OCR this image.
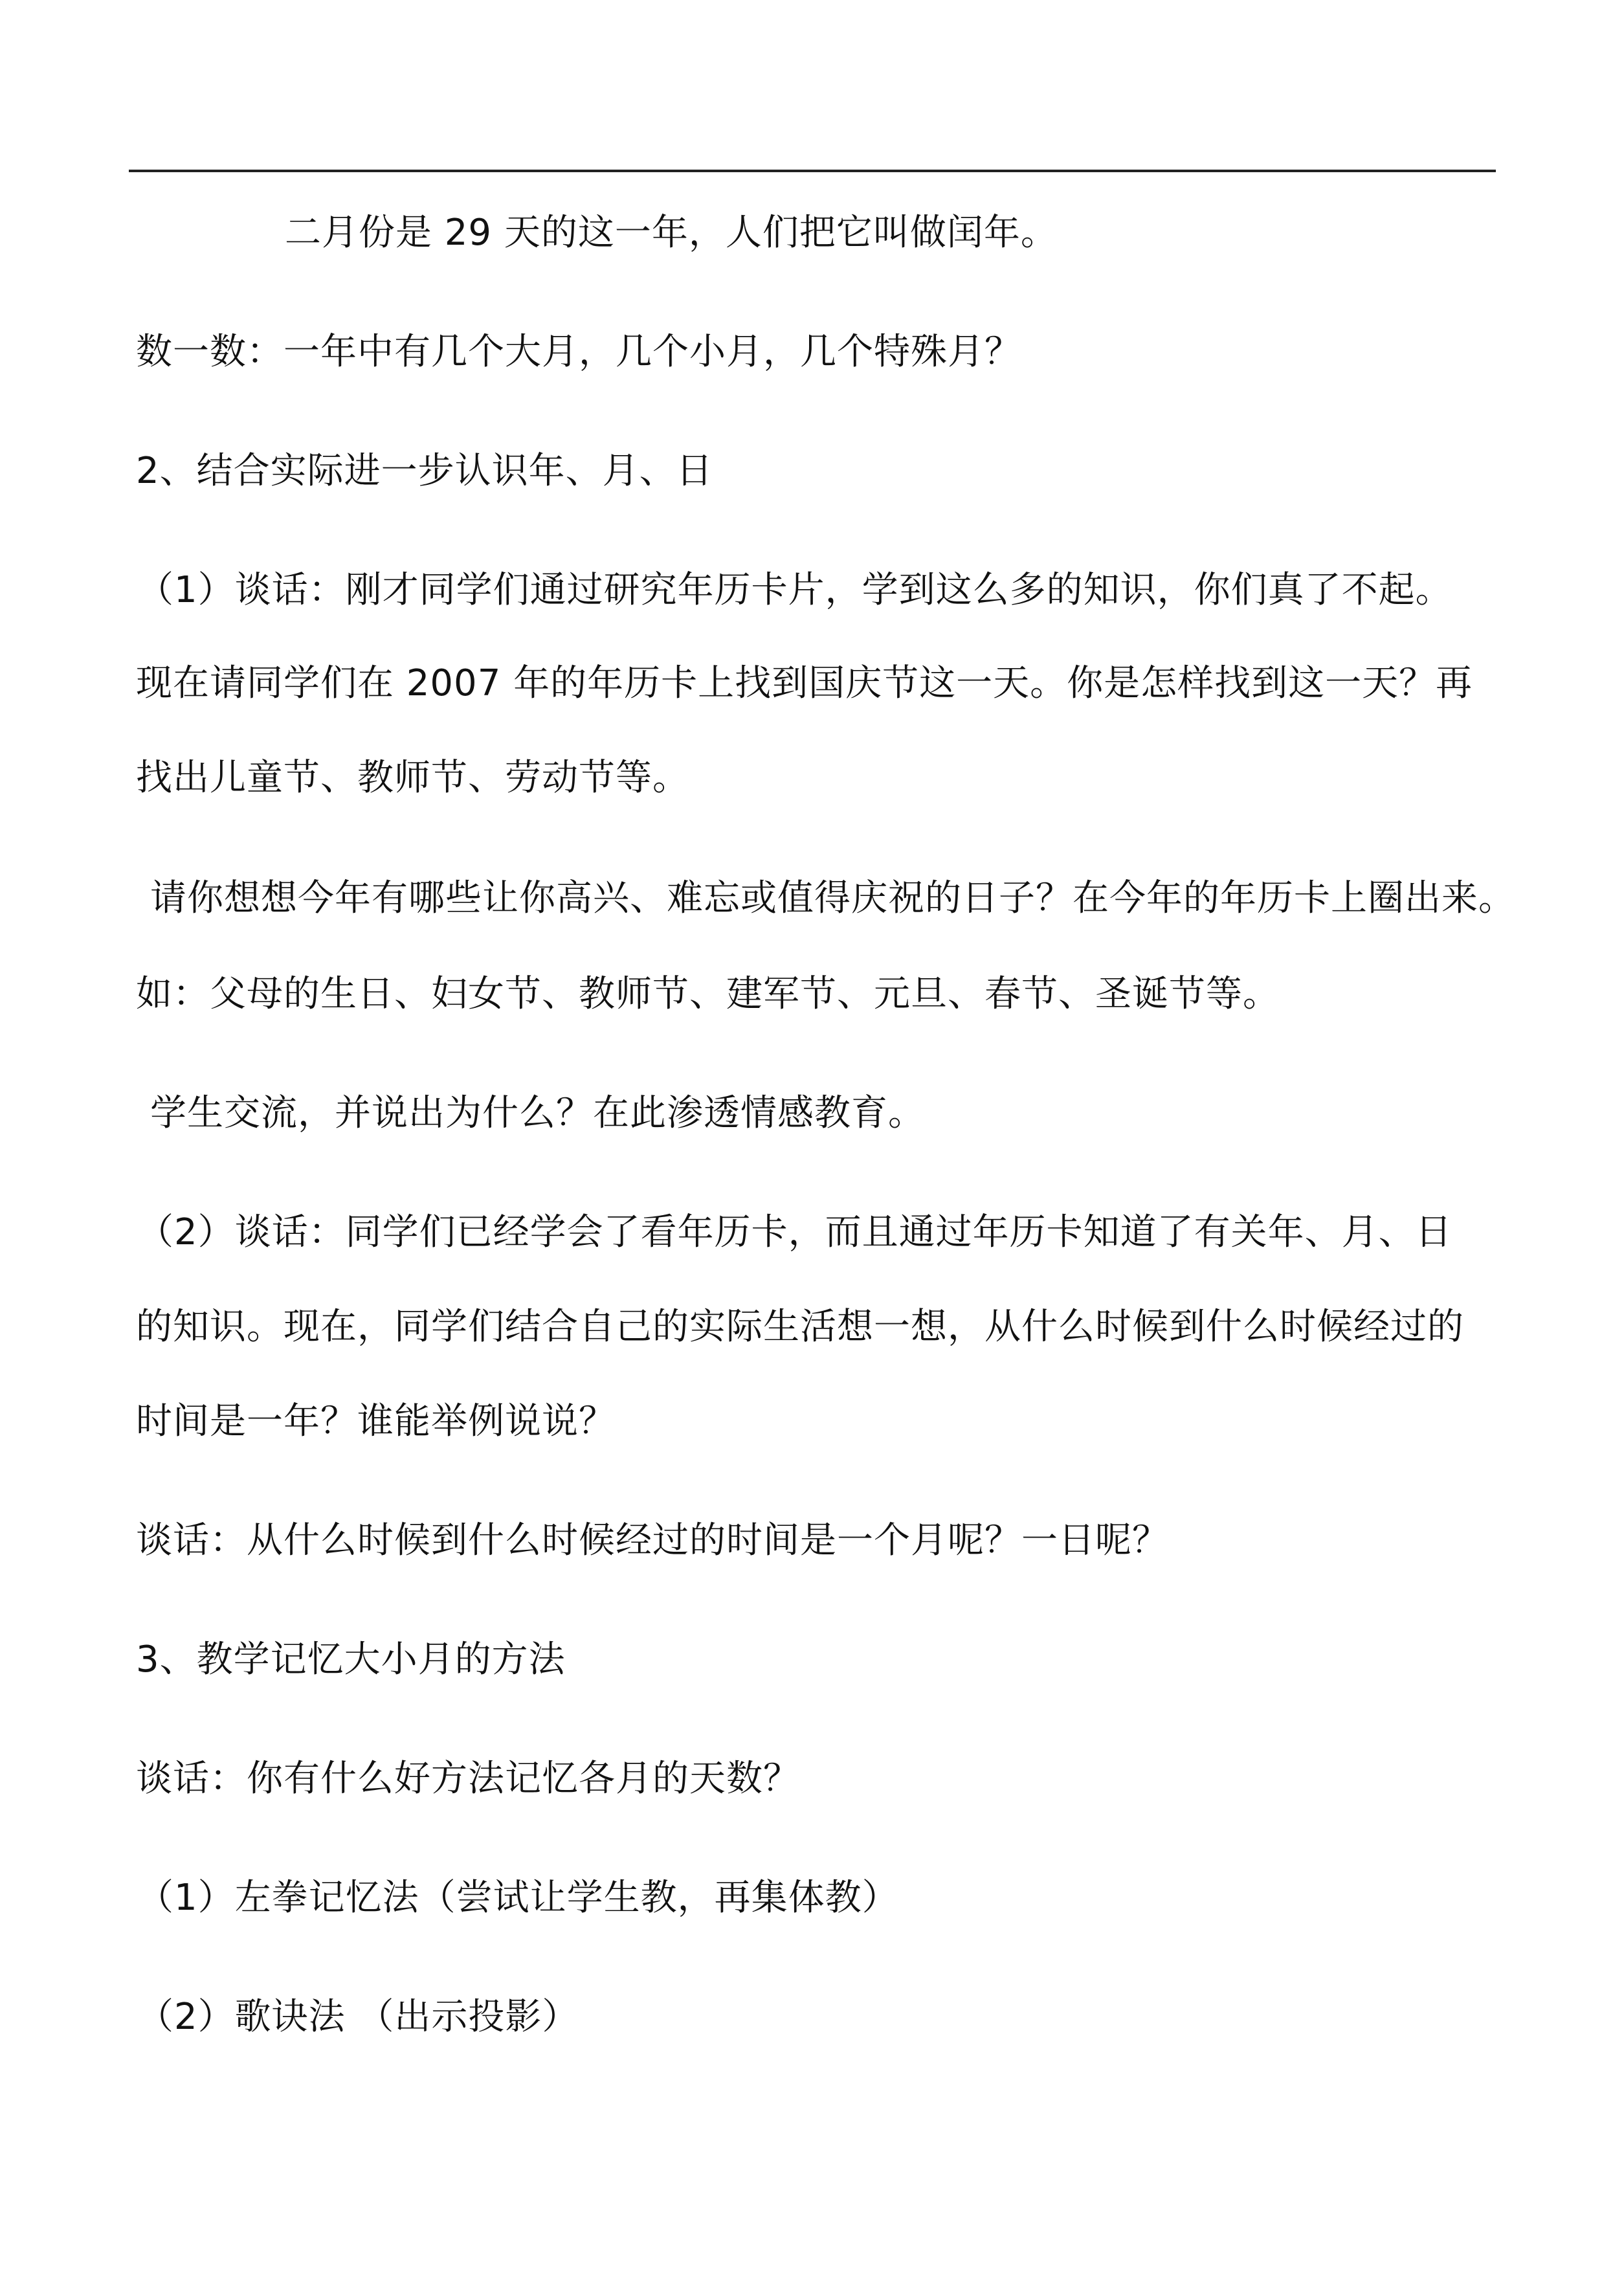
二月份是 29 天的这一年，人们把它叫做闰年。
数一数：一年中有几个大月，几个小月，几个特殊月？
2、结合实际进一步认识年、月、日
（1）谈话：刚才同学们通过研究年历卡片，学到这么多的知识，你们真了不起。
现在请同学们在 2007 年的年历卡上找到国庆节这一天。你是怎样找到这一天？再
找出儿童节、教师节、劳动节等。
请你想想今年有哪些让你高兴、难忘或值得庆祝的日子？在今年的年历卡上圈出来。
如：父母的生日、妇女节、教师节、建军节、元旦、春节、圣诞节等。
学生交流，并说出为什么？在此渗透情感教育。
（2）谈话：同学们已经学会了看年历卡，而且通过年历卡知道了有关年、月、日
的知识。现在，同学们结合自己的实际生活想一想，从什么时候到什么时候经过的
时间是一年？谁能举例说说？
谈话：从什么时候到什么时候经过的时间是一个月呢？一日呢？
3、教学记忆大小月的方法
谈话：你有什么好方法记忆各月的天数？
（1）左拳记忆法（尝试让学生教，再集体教）
（2）歌诀法 （出示投影）
